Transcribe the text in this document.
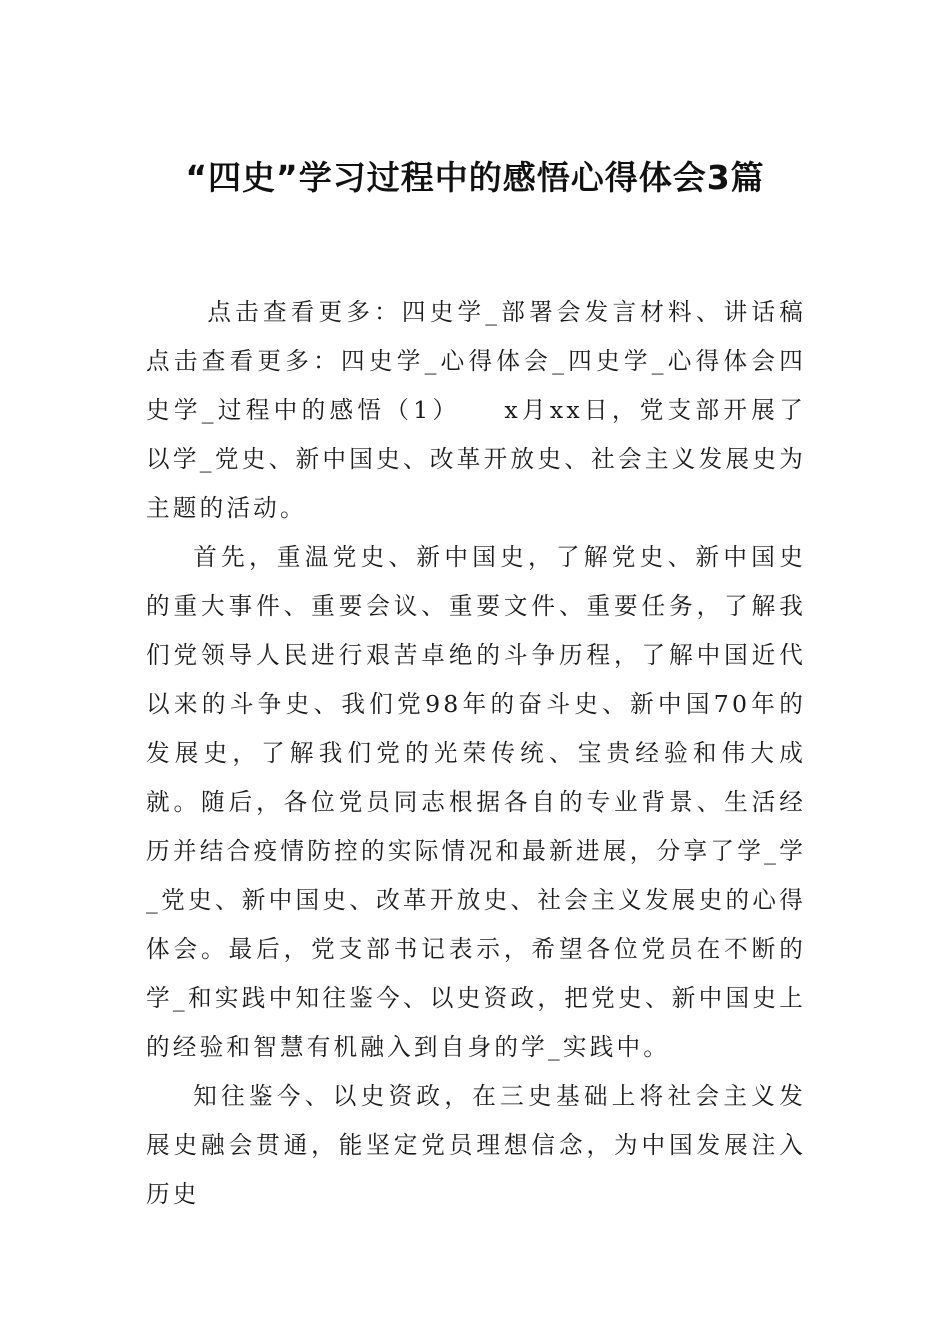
“四史”学习过程中的感悟心得体会3篇

点击查看更多：四史学_部署会发言材料、讲话稿点击查看更多：四史学_心得体会_四史学_心得体会四史学_过程中的感悟（1）　　x月xx日，党支部开展了以学_党史、新中国史、改革开放史、社会主义发展史为主题的活动。

首先，重温党史、新中国史，了解党史、新中国史的重大事件、重要会议、重要文件、重要任务，了解我们党领导人民进行艰苦卓绝的斗争历程，了解中国近代以来的斗争史、我们党98年的奋斗史、新中国70年的发展史，了解我们党的光荣传统、宝贵经验和伟大成就。随后，各位党员同志根据各自的专业背景、生活经历并结合疫情防控的实际情况和最新进展，分享了学_学_党史、新中国史、改革开放史、社会主义发展史的心得体会。最后，党支部书记表示，希望各位党员在不断的学_和实践中知往鉴今、以史资政，把党史、新中国史上的经验和智慧有机融入到自身的学_实践中。

知往鉴今、以史资政，在三史基础上将社会主义发展史融会贯通，能坚定党员理想信念，为中国发展注入历史
